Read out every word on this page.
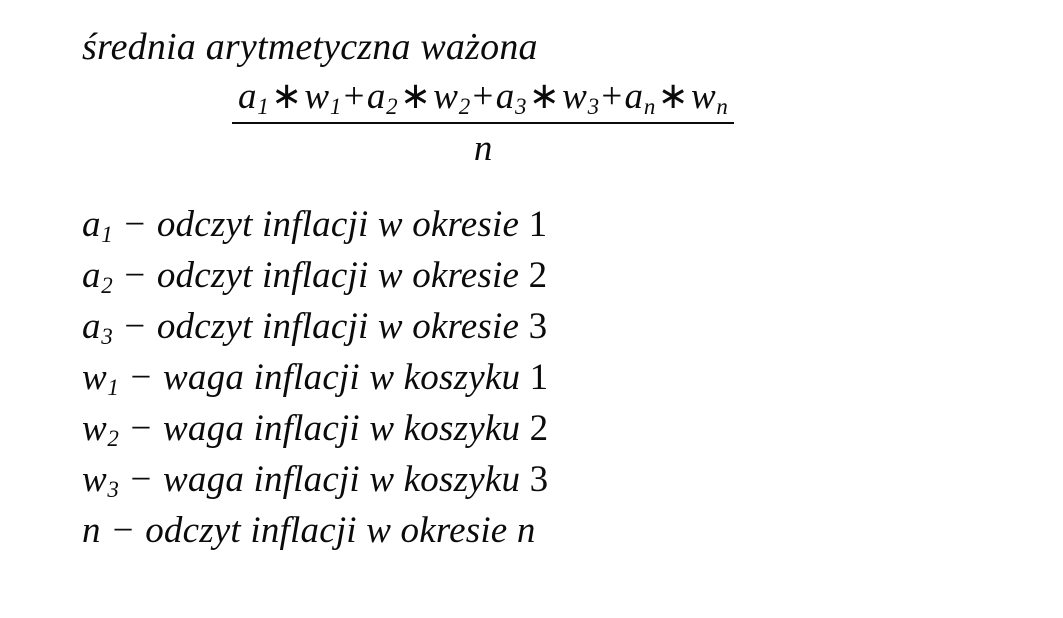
średnia arytmetyczna ważona
$\frac{a_1∗w_1+a_2∗w_2+a_3∗w_3+a_n∗w_n}{n}$
$a_1$ − odczyt inflacji w okresie 1
$a_2$ − odczyt inflacji w okresie 2
$a_3$ − odczyt inflacji w okresie 3
$w_1$ − waga inflacji w koszyku 1
$w_2$ − waga inflacji w koszyku 2
$w_3$ − waga inflacji w koszyku 3
n − odczyt inflacji w okresie n
